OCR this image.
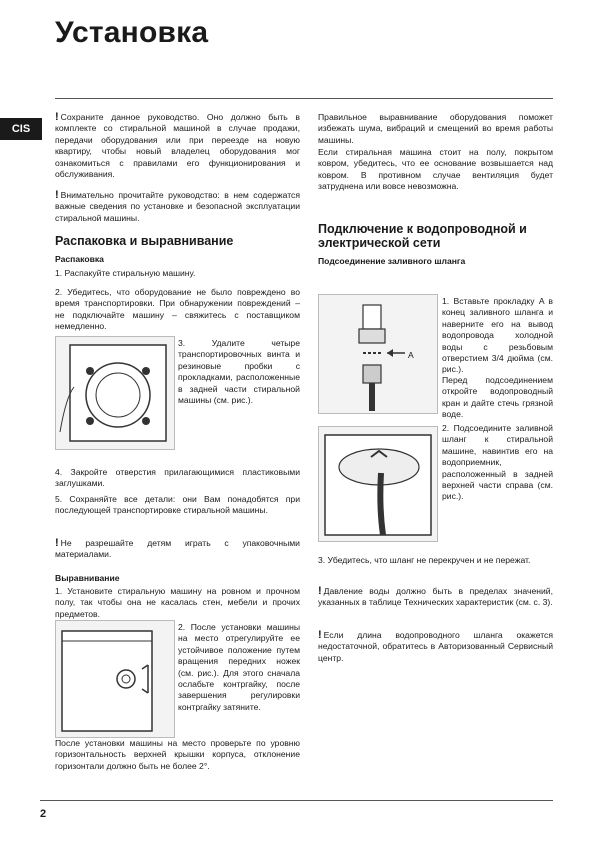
Установка
CIS
2
! Сохраните данное руководство. Оно должно быть в комплекте со стиральной машиной в случае продажи, передачи оборудования или при переезде на новую квартиру, чтобы новый владелец оборудования мог ознакомиться с правилами его функционирования и обслуживания.
! Внимательно прочитайте руководство: в нем содержатся важные сведения по установке и безопасной эксплуатации стиральной машины.
Распаковка и выравнивание
Распаковка
1. Распакуйте стиральную машину.
2. Убедитесь, что оборудование не было повреждено во время транспортировки. При обнаружении повреждений – не подключайте машину – свяжитесь с поставщиком немедленно.
3. Удалите четыре транспортировочных винта и резиновые пробки с прокладками, расположенные в задней части стиральной машины (см. рис.).
4. Закройте отверстия прилагающимися пластиковыми заглушками.
5. Сохраняйте все детали: они Вам понадобятся при последующей транспортировке стиральной машины.
! Не разрешайте детям играть с упаковочными материалами.
Выравнивание
1. Установите стиральную машину на ровном и прочном полу, так чтобы она не касалась стен, мебели и прочих предметов.
2. После установки машины на место отрегулируйте ее устойчивое положение путем вращения передних ножек (см. рис.). Для этого сначала ослабьте контргайку, после завершения регулировки контргайку затяните.
После установки машины на место проверьте по уровню горизонтальность верхней крышки корпуса, отклонение горизонтали должно быть не более 2°.
Правильное выравнивание оборудования поможет избежать шума, вибраций и смещений во время работы машины.
Если стиральная машина стоит на полу, покрытом ковром, убедитесь, что ее основание возвышается над ковром. В противном случае вентиляция будет затруднена или вовсе невозможна.
Подключение к водопроводной и электрической сети
Подсоединение заливного шланга
A
1. Вставьте прокладку A в конец заливного шланга и наверните его на вывод водопровода холодной воды с резьбовым отверстием 3/4 дюйма (см. рис.).
Перед подсоединением откройте водопроводный кран и дайте стечь грязной воде.
2. Подсоедините заливной шланг к стиральной машине, навинтив его на водоприемник, расположенный в задней верхней части справа (см. рис.).
3. Убедитесь, что шланг не перекручен и не пережат.
! Давление воды должно быть в пределах значений, указанных в таблице Технических характеристик (см. с. 3).
! Если длина водопроводного шланга окажется недостаточной, обратитесь в Авторизованный Сервисный центр.
